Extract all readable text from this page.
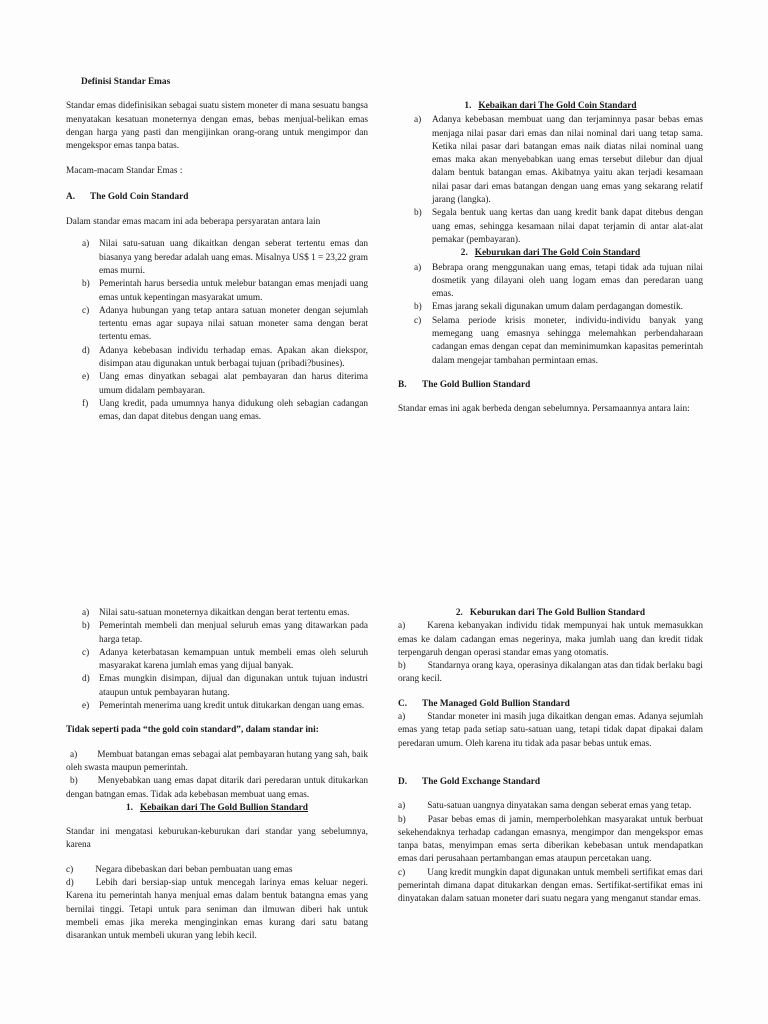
Definisi Standar Emas

Standar emas didefinisikan sebagai suatu sistem moneter di mana sesuatu bangsa menyatakan kesatuan moneternya dengan emas, bebas menjual-belikan emas dengan harga yang pasti dan mengijinkan orang-orang untuk mengimpor dan mengekspor emas tanpa batas.

Macam-macam Standar Emas :

A. The Gold Coin Standard

Dalam standar emas macam ini ada beberapa persyaratan antara lain

a) Nilai satu-satuan uang dikaitkan dengan seberat tertentu emas dan biasanya yang beredar adalah uang emas. Misalnya US$ 1 = 23,22 gram emas murni.
b) Pemerintah harus bersedia untuk melebur batangan emas menjadi uang emas untuk kepentingan masyarakat umum.
c) Adanya hubungan yang tetap antara satuan moneter dengan sejumlah tertentu emas agar supaya nilai satuan moneter sama dengan berat tertentu emas.
d) Adanya kebebasan individu terhadap emas. Apakan akan diekspor, disimpan atau digunakan untuk berbagai tujuan (pribadi?busines).
e) Uang emas dinyatkan sebagai alat pembayaran dan harus diterima umum didalam pembayaran.
f) Uang kredit, pada umumnya hanya didukung oleh sebagian cadangan emas, dan dapat ditebus dengan uang emas.

1. Kebaikan dari The Gold Coin Standard

a) Adanya kebebasan membuat uang dan terjaminnya pasar bebas emas menjaga nilai pasar dari emas dan nilai nominal dari uang tetap sama. Ketika nilai pasar dari batangan emas naik diatas nilai nominal uang emas maka akan menyebabkan uang emas tersebut dilebur dan djual dalam bentuk batangan emas. Akibatnya yaitu akan terjadi kesamaan nilai pasar dari emas batangan dengan uang emas yang sekarang relatif jarang (langka).
b) Segala bentuk uang kertas dan uang kredit bank dapat ditebus dengan uang emas, sehingga kesamaan nilai dapat terjamin di antar alat-alat pemakar (pembayaran).

2. Keburukan dari The Gold Coin Standard

a) Bebrapa orang menggunakan uang emas, tetapi tidak ada tujuan nilai dosmetik yang dilayani oleh uang logam emas dan peredaran uang emas.
b) Emas jarang sekali digunakan umum dalam perdagangan domestik.
c) Selama periode krisis moneter, individu-individu banyak yang memegang uang emasnya sehingga melemahkan perbendaharaan cadangan emas dengan cepat dan meminimumkan kapasitas pemerintah dalam mengejar tambahan permintaan emas.

B. The Gold Bullion Standard

Standar emas ini agak berbeda dengan sebelumnya. Persamaannya antara lain:

a) Nilai satu-satuan moneternya dikaitkan dengan berat tertentu emas.
b) Pemerintah membeli dan menjual seluruh emas yang ditawarkan pada harga tetap.
c) Adanya keterbatasan kemampuan untuk membeli emas oleh seluruh masyarakat karena jumlah emas yang dijual banyak.
d) Emas mungkin disimpan, dijual dan digunakan untuk tujuan industri ataupun untuk pembayaran hutang.
e) Pemerintah menerima uang kredit untuk ditukarkan dengan uang emas.

Tidak seperti pada “the gold coin standard”, dalam standar ini:

a) Membuat batangan emas sebagai alat pembayaran hutang yang sah, baik oleh swasta maupun pemerintah.
b) Menyebabkan uang emas dapat ditarik dari peredaran untuk ditukarkan dengan batngan emas. Tidak ada kebebasan membuat uang emas.

1. Kebaikan dari The Gold Bullion Standard

Standar ini mengatasi keburukan-keburukan dari standar yang sebelumnya, karena

c) Negara dibebaskan dari beban pembuatan uang emas
d) Lebih dari bersiap-siap untuk mencegah larinya emas keluar negeri. Karena itu pemerintah hanya menjual emas dalam bentuk batangna emas yang bernilai tinggi. Tetapi untuk para seniman dan ilmuwan diberi hak untuk membeli emas jika mereka menginginkan emas kurang dari satu batang disarankan untuk membeli ukuran yang lebih kecil.

2. Keburukan dari The Gold Bullion Standard

a) Karena kebanyakan individu tidak mempunyai hak untuk memasukkan emas ke dalam cadangan emas negerinya, maka jumlah uang dan kredit tidak terpengaruh dengan operasi standar emas yang otomatis.
b) Standarnya orang kaya, operasinya dikalangan atas dan tidak berlaku bagi orang kecil.

C. The Managed Gold Bullion Standard

a) Standar moneter ini masih juga dikaitkan dengan emas. Adanya sejumlah emas yang tetap pada setiap satu-satuan uang, tetapi tidak dapat dipakai dalam peredaran umum. Oleh karena itu tidak ada pasar bebas untuk emas.

D. The Gold Exchange Standard

a) Satu-satuan uangnya dinyatakan sama dengan seberat emas yang tetap.
b) Pasar bebas emas di jamin, memperbolehkan masyarakat untuk berbuat sekehendaknya terhadap cadangan emasnya, mengimpor dan mengekspor emas tanpa batas, menyimpan emas serta diberikan kebebasan untuk mendapatkan emas dari perusahaan pertambangan emas ataupun percetakan uang.
c) Uang kredit mungkin dapat digunakan untuk membeli sertifikat emas dari pemerintah dimana dapat ditukarkan dengan emas. Sertifikat-sertifikat emas ini dinyatakan dalam satuan moneter dari suatu negara yang menganut standar emas.
